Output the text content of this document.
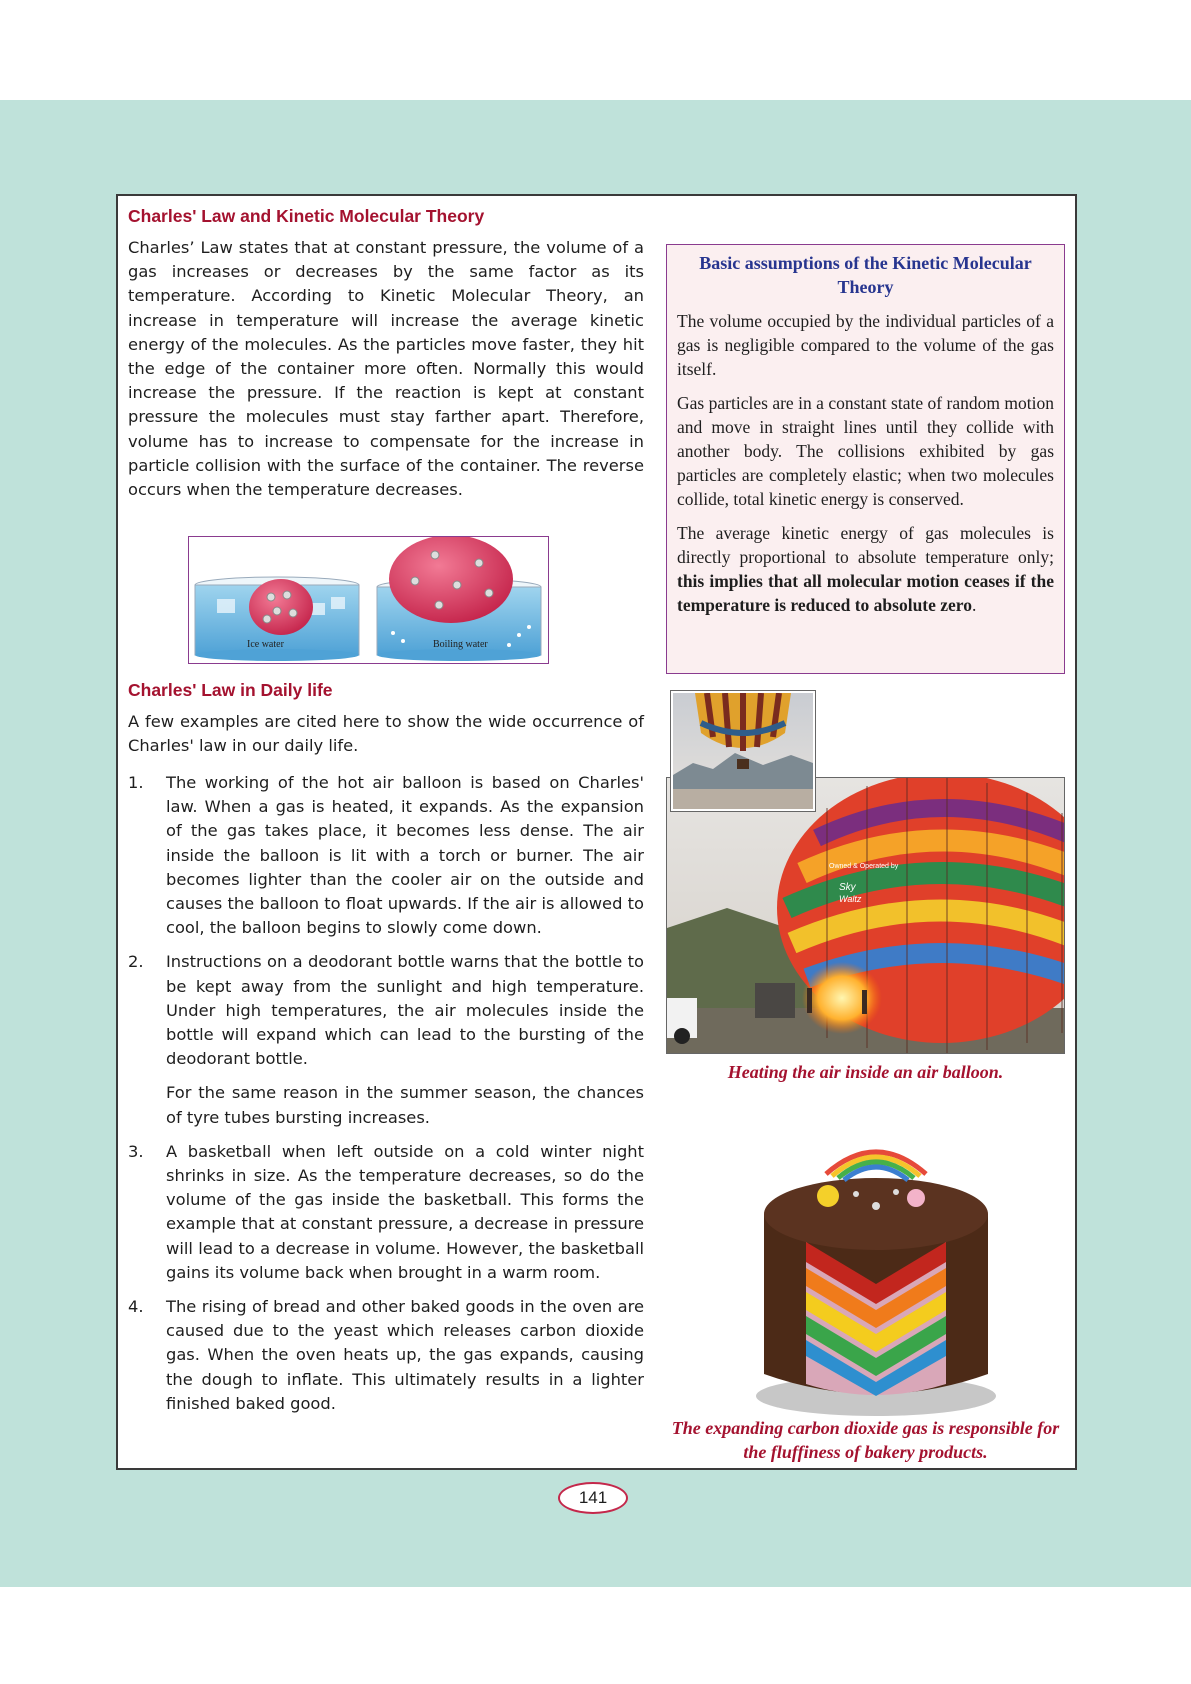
Charles' Law and Kinetic Molecular Theory

Charles’ Law states that at constant pressure, the volume of a gas increases or decreases by the same factor as its temperature. According to Kinetic Molecular Theory, an increase in temperature will increase the average kinetic energy of the molecules. As the particles move faster, they hit the edge of the container more often. Normally this would increase the pressure. If the reaction is kept at constant pressure the molecules must stay farther apart. Therefore, volume has to increase to compensate for the increase in particle collision with the surface of the container. The reverse occurs when the temperature decreases.

Ice water	Boiling water
Charles' Law in Daily life

A few examples are cited here to show the wide occurrence of Charles' law in our daily life.

1. The working of the hot air balloon is based on Charles' law. When a gas is heated, it expands. As the expansion of the gas takes place, it becomes less dense. The air inside the balloon is lit with a torch or burner. The air becomes lighter than the cooler air on the outside and causes the balloon to float upwards. If the air is allowed to cool, the balloon begins to slowly come down.

2. Instructions on a deodorant bottle warns that the bottle to be kept away from the sunlight and high temperature. Under high temperatures, the air molecules inside the bottle will expand which can lead to the bursting of the deodorant bottle.

For the same reason in the summer season, the chances of tyre tubes bursting increases.

3. A basketball when left outside on a cold winter night shrinks in size. As the temperature decreases, so do the volume of the gas inside the basketball. This forms the example that at constant pressure, a decrease in pressure will lead to a decrease in volume. However, the basketball gains its volume back when brought in a warm room.

4. The rising of bread and other baked goods in the oven are caused due to the yeast which releases carbon dioxide gas. When the oven heats up, the gas expands, causing the dough to inflate. This ultimately results in a lighter finished baked good.

Basic assumptions of the Kinetic Molecular Theory

The volume occupied by the individual particles of a gas is negligible compared to the volume of the gas itself.

Gas particles are in a constant state of random motion and move in straight lines until they collide with another body. The collisions exhibited by gas particles are completely elastic; when two molecules collide, total kinetic energy is conserved.

The average kinetic energy of gas molecules is directly proportional to absolute temperature only; this implies that all molecular motion ceases if the temperature is reduced to absolute zero.

Owned & Operated by
Sky
Waltz

Heating the air inside an air balloon.

The expanding carbon dioxide gas is responsible for the fluffiness of bakery products.

141
